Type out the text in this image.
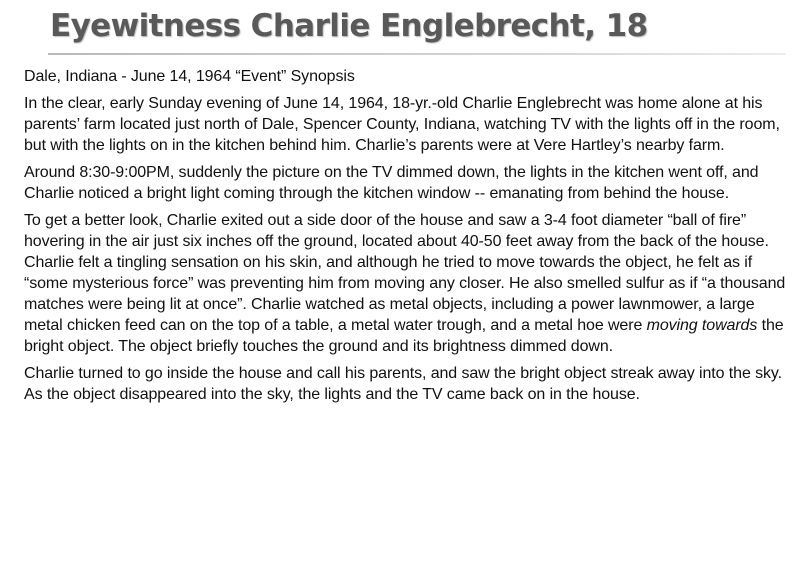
Eyewitness Charlie Englebrecht, 18

Dale, Indiana - June 14, 1964 “Event” Synopsis

In the clear, early Sunday evening of June 14, 1964, 18-yr.-old Charlie Englebrecht was home alone at his parents’ farm located just north of Dale, Spencer County, Indiana, watching TV with the lights off in the room, but with the lights on in the kitchen behind him. Charlie’s parents were at Vere Hartley’s nearby farm.

Around 8:30-9:00PM, suddenly the picture on the TV dimmed down, the lights in the kitchen went off, and Charlie noticed a bright light coming through the kitchen window -- emanating from behind the house.

To get a better look, Charlie exited out a side door of the house and saw a 3-4 foot diameter “ball of fire” hovering in the air just six inches off the ground, located about 40-50 feet away from the back of the house. Charlie felt a tingling sensation on his skin, and although he tried to move towards the object, he felt as if “some mysterious force” was preventing him from moving any closer. He also smelled sulfur as if “a thousand matches were being lit at once”. Charlie watched as metal objects, including a power lawnmower, a large metal chicken feed can on the top of a table, a metal water trough, and a metal hoe were moving towards the bright object. The object briefly touches the ground and its brightness dimmed down.

Charlie turned to go inside the house and call his parents, and saw the bright object streak away into the sky. As the object disappeared into the sky, the lights and the TV came back on in the house.
